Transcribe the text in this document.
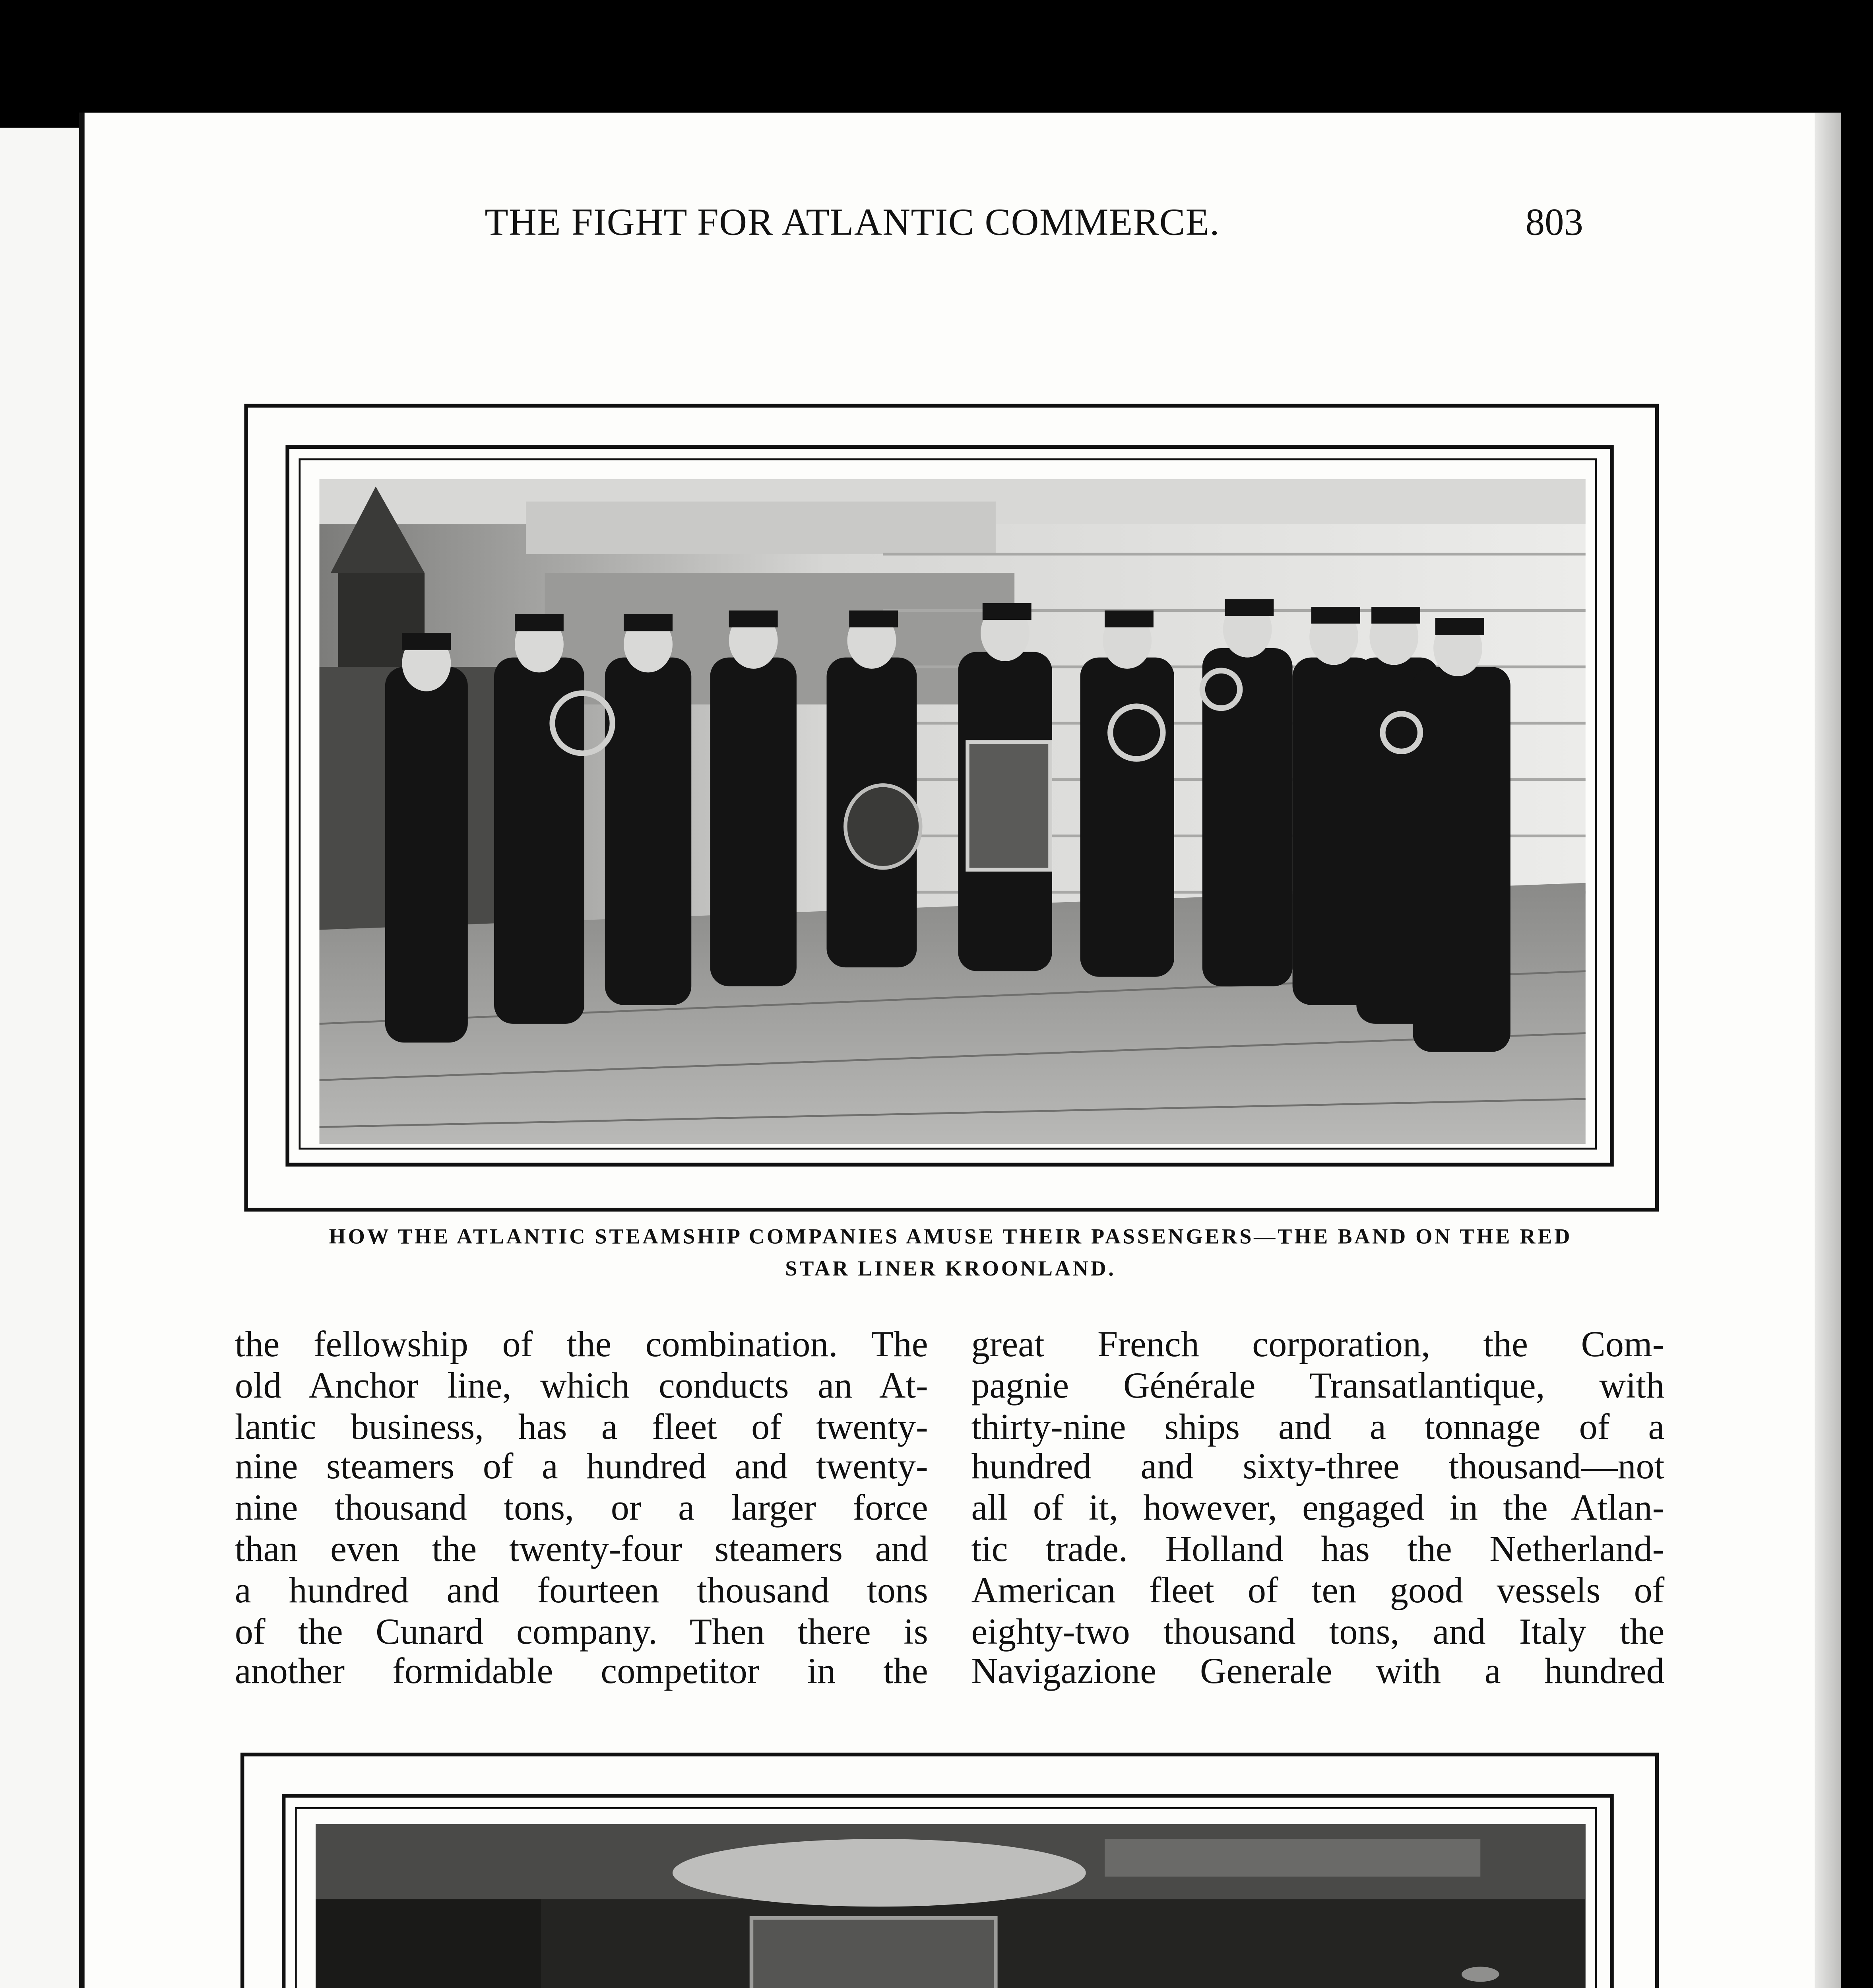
THE FIGHT FOR ATLANTIC COMMERCE.	803
HOW THE ATLANTIC STEAMSHIP COMPANIES AMUSE THEIR PASSENGERS—THE BAND ON THE RED
STAR LINER KROONLAND.
the fellowship of the combination. The
old Anchor line, which conducts an At-
lantic business, has a fleet of twenty-
nine steamers of a hundred and twenty-
nine thousand tons, or a larger force
than even the twenty-four steamers and
a hundred and fourteen thousand tons
of the Cunard company. Then there is
another formidable competitor in the
great French corporation, the Com-
pagnie Générale Transatlantique, with
thirty-nine ships and a tonnage of a
hundred and sixty-three thousand—not
all of it, however, engaged in the Atlan-
tic trade. Holland has the Netherland-
American fleet of ten good vessels of
eighty-two thousand tons, and Italy the
Navigazione Generale with a hundred
